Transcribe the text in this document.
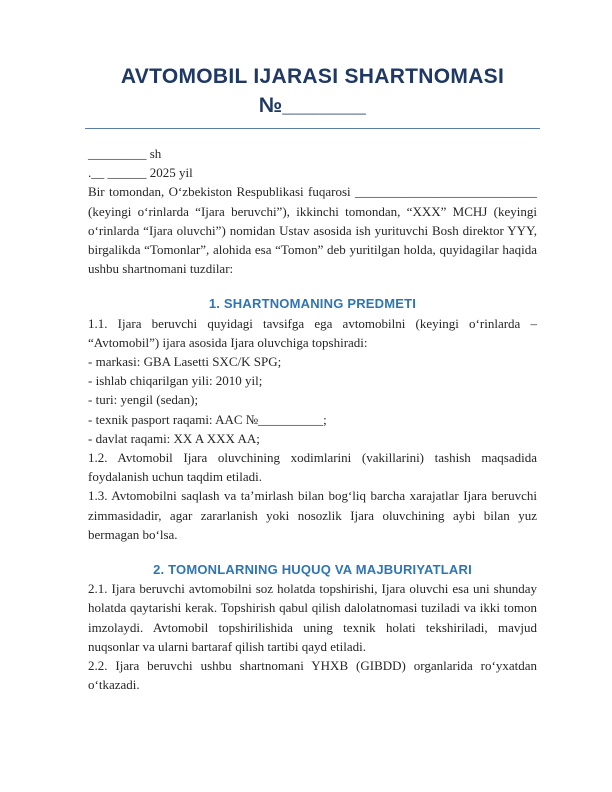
AVTOMOBIL IJARASI SHARTNOMASI
№_______

_________ sh

.__ ______ 2025 yil

Bir tomondan, O‘zbekiston Respublikasi fuqarosi ____________________________ (keyingi o‘rinlarda “Ijara beruvchi”), ikkinchi tomondan, “XXX” MCHJ (keyingi o‘rinlarda “Ijara oluvchi”) nomidan Ustav asosida ish yurituvchi Bosh direktor YYY, birgalikda “Tomonlar”, alohida esa “Tomon” deb yuritilgan holda, quyidagilar haqida ushbu shartnomani tuzdilar:

1. SHARTNOMANING PREDMETI

1.1. Ijara beruvchi quyidagi tavsifga ega avtomobilni (keyingi o‘rinlarda – “Avtomobil”) ijara asosida Ijara oluvchiga topshiradi:

- markasi: GBA Lasetti SXC/K SPG;

- ishlab chiqarilgan yili: 2010 yil;

- turi: yengil (sedan);

- texnik pasport raqami: AAC №__________;

- davlat raqami: XX A XXX AA;

1.2. Avtomobil Ijara oluvchining xodimlarini (vakillarini) tashish maqsadida foydalanish uchun taqdim etiladi.

1.3. Avtomobilni saqlash va ta’mirlash bilan bog‘liq barcha xarajatlar Ijara beruvchi zimmasidadir, agar zararlanish yoki nosozlik Ijara oluvchining aybi bilan yuz bermagan bo‘lsa.

2. TOMONLARNING HUQUQ VA MAJBURIYATLARI

2.1. Ijara beruvchi avtomobilni soz holatda topshirishi, Ijara oluvchi esa uni shunday holatda qaytarishi kerak. Topshirish qabul qilish dalolatnomasi tuziladi va ikki tomon imzolaydi. Avtomobil topshirilishida uning texnik holati tekshiriladi, mavjud nuqsonlar va ularni bartaraf qilish tartibi qayd etiladi.

2.2. Ijara beruvchi ushbu shartnomani YHXB (GIBDD) organlarida ro‘yxatdan o‘tkazadi.
